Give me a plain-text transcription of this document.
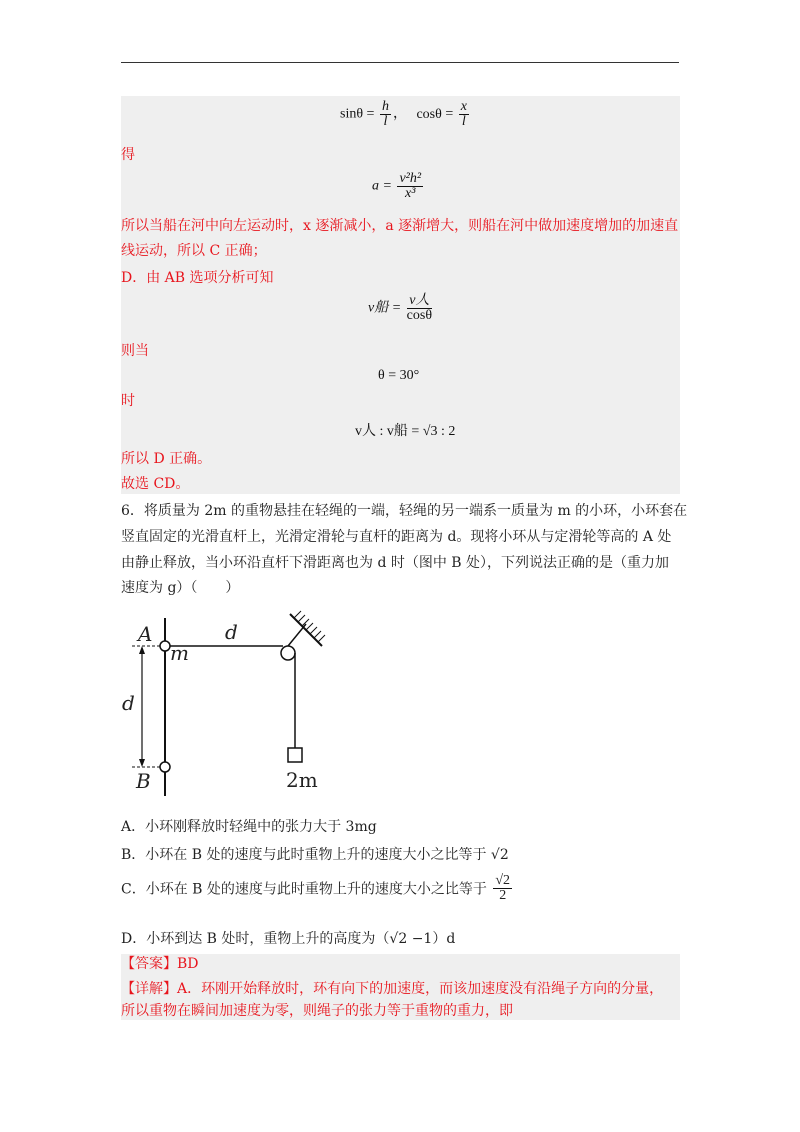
$\sin\theta = \frac{h}{l}$ ， $\cos\theta = \frac{x}{l}$
得
$a = \frac{\text{v²h²}}{\text{x³}}$
所以当船在河中向左运动时，x 逐渐减小，a 逐渐增大，则船在河中做加速度增加的加速直
线运动，所以 C 正确；
D．由 AB 选项分析可知
v船 = $\frac{\text{v人}}{\cos\theta}$
则当
θ = 30°
时
v人 : v船 = √3 : 2
所以 D 正确。
故选 CD。
6．将质量为 2m 的重物悬挂在轻绳的一端，轻绳的另一端系一质量为 m 的小环，小环套在
竖直固定的光滑直杆上，光滑定滑轮与直杆的距离为 d。现将小环从与定滑轮等高的 A 处
由静止释放，当小环沿直杆下滑距离也为 d 时（图中 B 处），下列说法正确的是（重力加
速度为 g）（　　）
A
m
d
d
B	2m
A．小环刚释放时轻绳中的张力大于 3mg
B．小环在 B 处的速度与此时重物上升的速度大小之比等于 √2
C．小环在 B 处的速度与此时重物上升的速度大小之比等于 $\frac{√2}{2}$
D．小环到达 B 处时，重物上升的高度为（√2 −1）d
【答案】BD
【详解】A．环刚开始释放时，环有向下的加速度，而该加速度没有沿绳子方向的分量，
所以重物在瞬间加速度为零，则绳子的张力等于重物的重力，即
